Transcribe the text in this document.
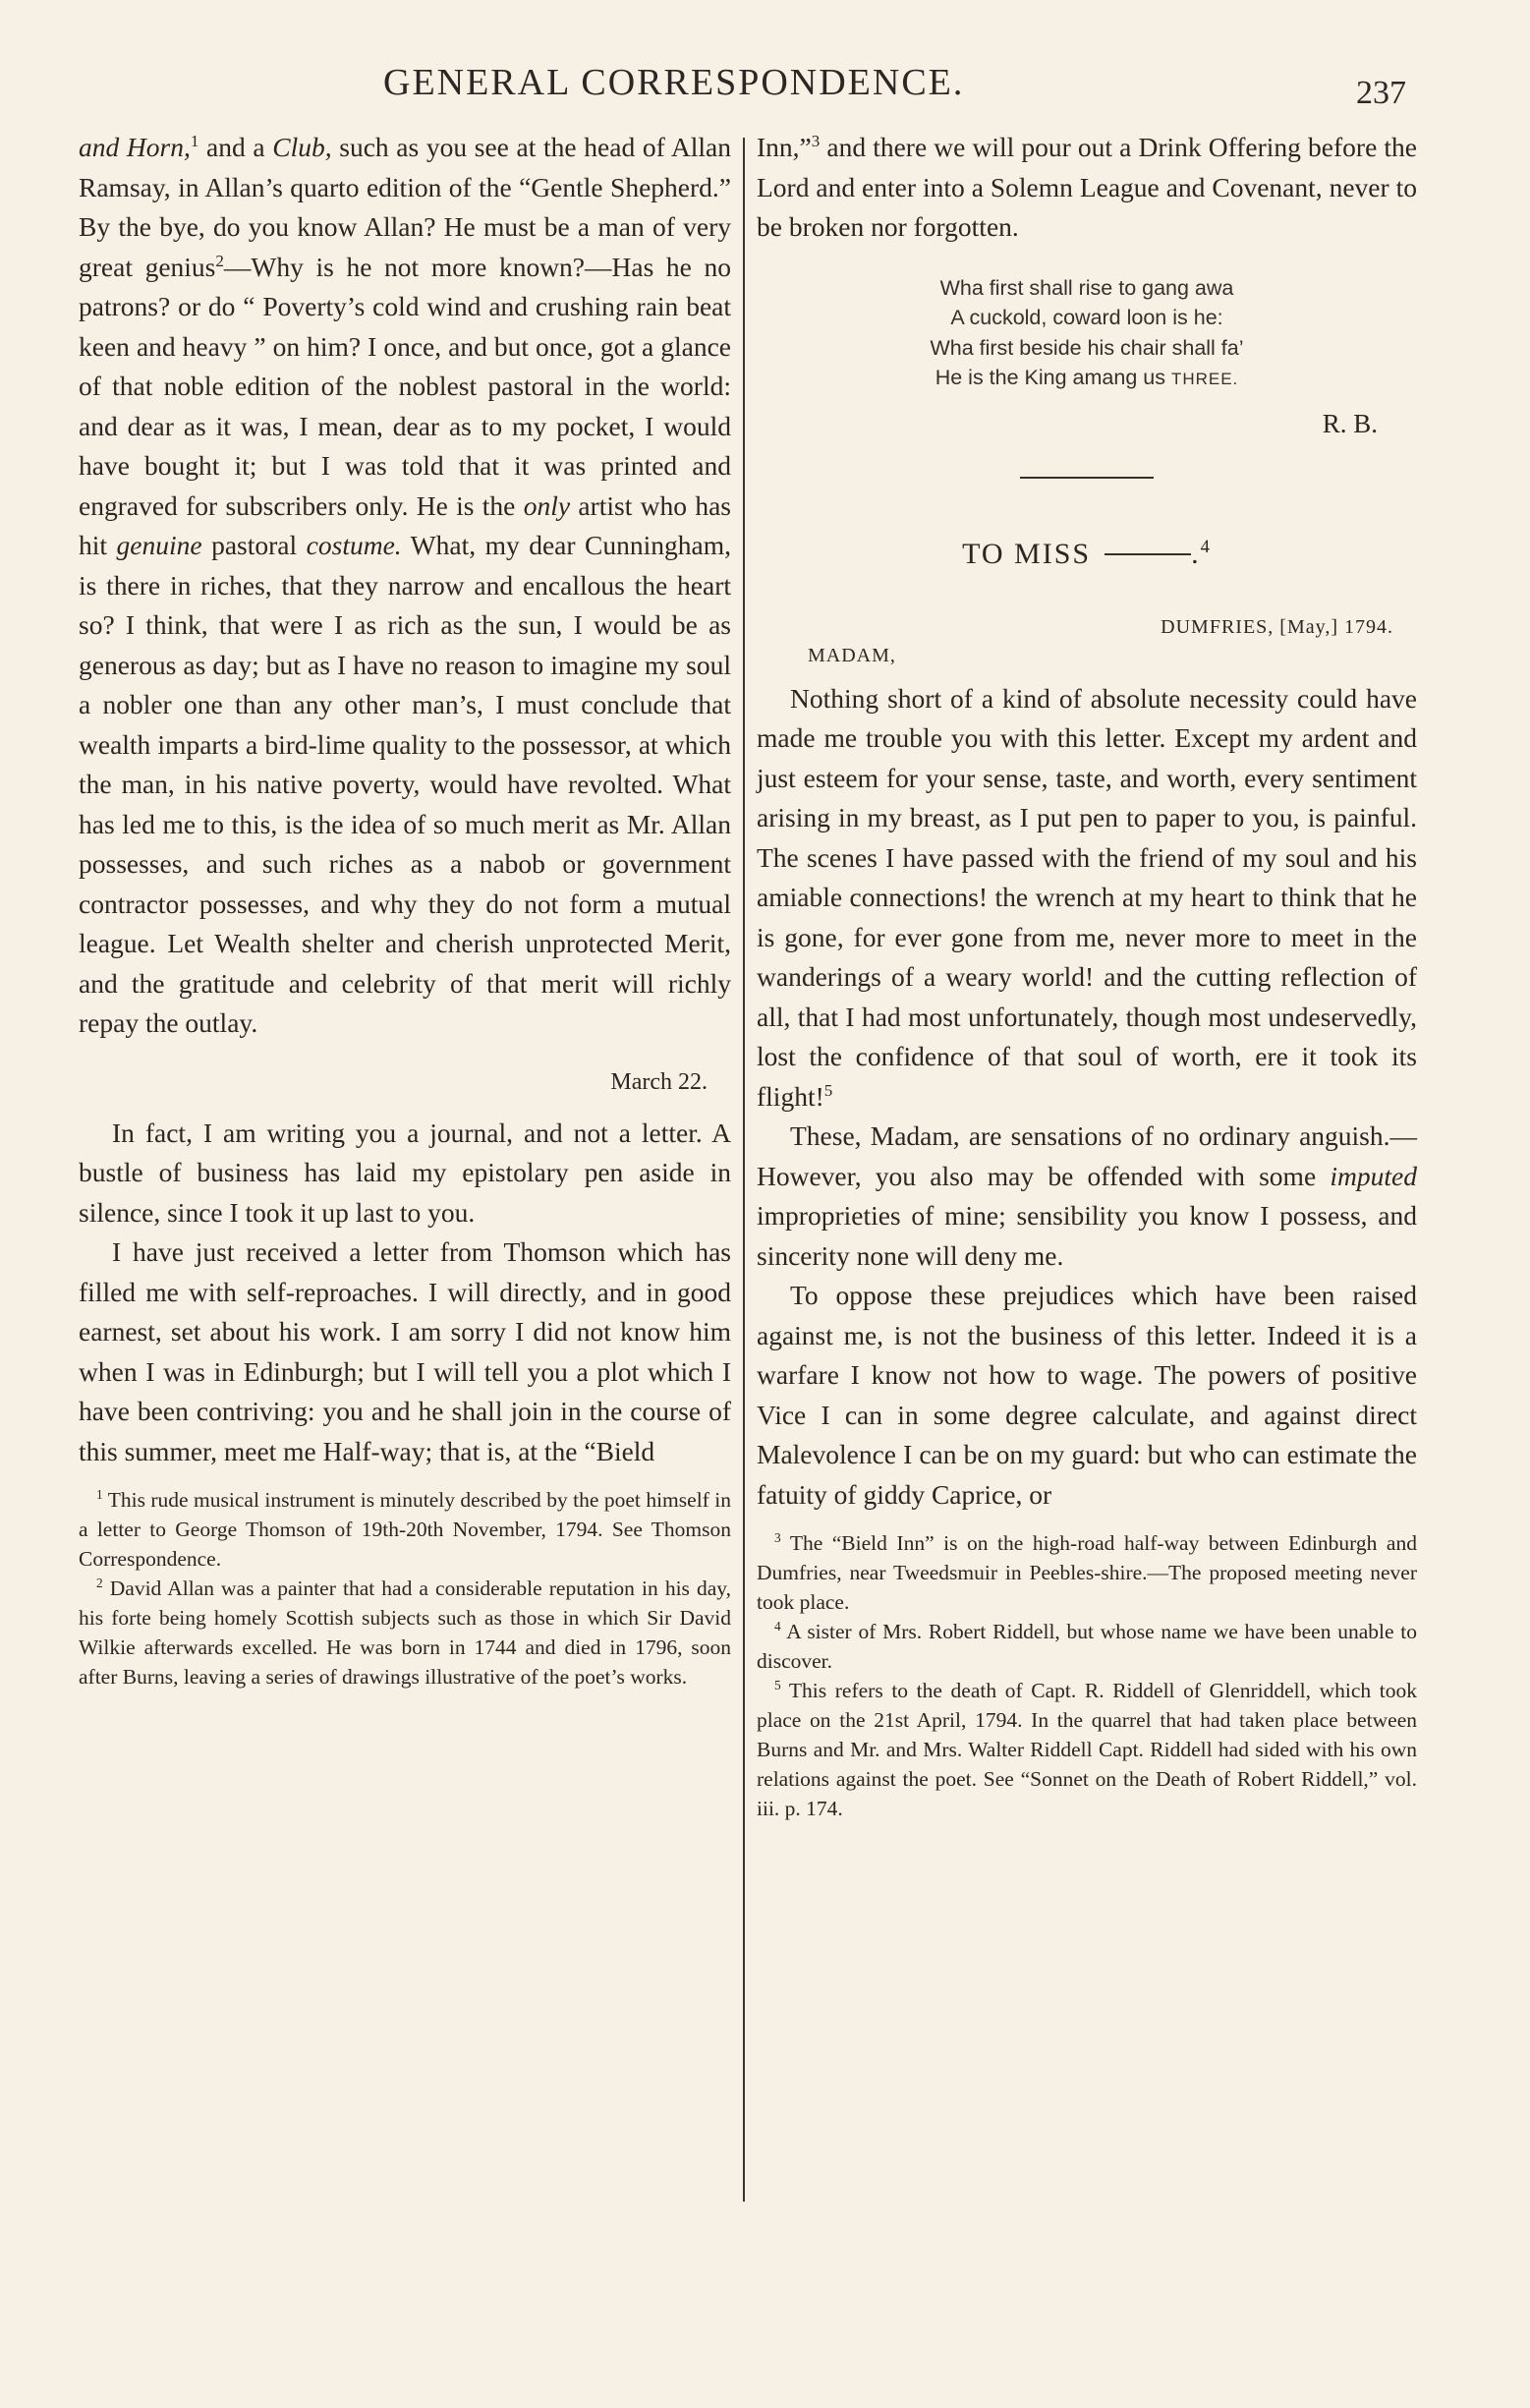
GENERAL CORRESPONDENCE.	237

and Horn,$^1$ and a Club, such as you see at the head of Allan Ramsay, in Allan’s quarto edition of the “Gentle Shepherd.” By the bye, do you know Allan? He must be a man of very great genius$^2$—Why is he not more known?—Has he no patrons? or do “ Poverty’s cold wind and crushing rain beat keen and heavy ” on him? I once, and but once, got a glance of that noble edition of the noblest pastoral in the world: and dear as it was, I mean, dear as to my pocket, I would have bought it; but I was told that it was printed and engraved for subscribers only. He is the only artist who has hit genuine pastoral costume. What, my dear Cunningham, is there in riches, that they narrow and encallous the heart so? I think, that were I as rich as the sun, I would be as generous as day; but as I have no reason to imagine my soul a nobler one than any other man’s, I must conclude that wealth imparts a bird-lime quality to the possessor, at which the man, in his native poverty, would have revolted. What has led me to this, is the idea of so much merit as Mr. Allan possesses, and such riches as a nabob or government contractor possesses, and why they do not form a mutual league. Let Wealth shelter and cherish unprotected Merit, and the gratitude and celebrity of that merit will richly repay the outlay.

March 22.

In fact, I am writing you a journal, and not a letter. A bustle of business has laid my epistolary pen aside in silence, since I took it up last to you.

I have just received a letter from Thomson which has filled me with self-reproaches. I will directly, and in good earnest, set about his work. I am sorry I did not know him when I was in Edinburgh; but I will tell you a plot which I have been contriving: you and he shall join in the course of this summer, meet me Half-way; that is, at the “Bield

$^1$ This rude musical instrument is minutely described by the poet himself in a letter to George Thomson of 19th-20th November, 1794. See Thomson Correspondence.

$^2$ David Allan was a painter that had a considerable reputation in his day, his forte being homely Scottish subjects such as those in which Sir David Wilkie afterwards excelled. He was born in 1744 and died in 1796, soon after Burns, leaving a series of drawings illustrative of the poet’s works.

Inn,”$^3$ and there we will pour out a Drink Offering before the Lord and enter into a Solemn League and Covenant, never to be broken nor forgotten.

Wha first shall rise to gang awa
A cuckold, coward loon is he:
Wha first beside his chair shall fa’
He is the King amang us THREE.
R. B.
TO MISS	.$^4$
DUMFRIES, [May,] 1794.
MADAM,

Nothing short of a kind of absolute necessity could have made me trouble you with this letter. Except my ardent and just esteem for your sense, taste, and worth, every sentiment arising in my breast, as I put pen to paper to you, is painful. The scenes I have passed with the friend of my soul and his amiable connections! the wrench at my heart to think that he is gone, for ever gone from me, never more to meet in the wanderings of a weary world! and the cutting reflection of all, that I had most unfortunately, though most undeservedly, lost the confidence of that soul of worth, ere it took its flight!$^5$

These, Madam, are sensations of no ordinary anguish.—However, you also may be offended with some imputed improprieties of mine; sensibility you know I possess, and sincerity none will deny me.

To oppose these prejudices which have been raised against me, is not the business of this letter. Indeed it is a warfare I know not how to wage. The powers of positive Vice I can in some degree calculate, and against direct Malevolence I can be on my guard: but who can estimate the fatuity of giddy Caprice, or

$^3$ The “Bield Inn” is on the high-road half-way between Edinburgh and Dumfries, near Tweedsmuir in Peebles-shire.—The proposed meeting never took place.

$^4$ A sister of Mrs. Robert Riddell, but whose name we have been unable to discover.

$^5$ This refers to the death of Capt. R. Riddell of Glenriddell, which took place on the 21st April, 1794. In the quarrel that had taken place between Burns and Mr. and Mrs. Walter Riddell Capt. Riddell had sided with his own relations against the poet. See “Sonnet on the Death of Robert Riddell,” vol. iii. p. 174.
